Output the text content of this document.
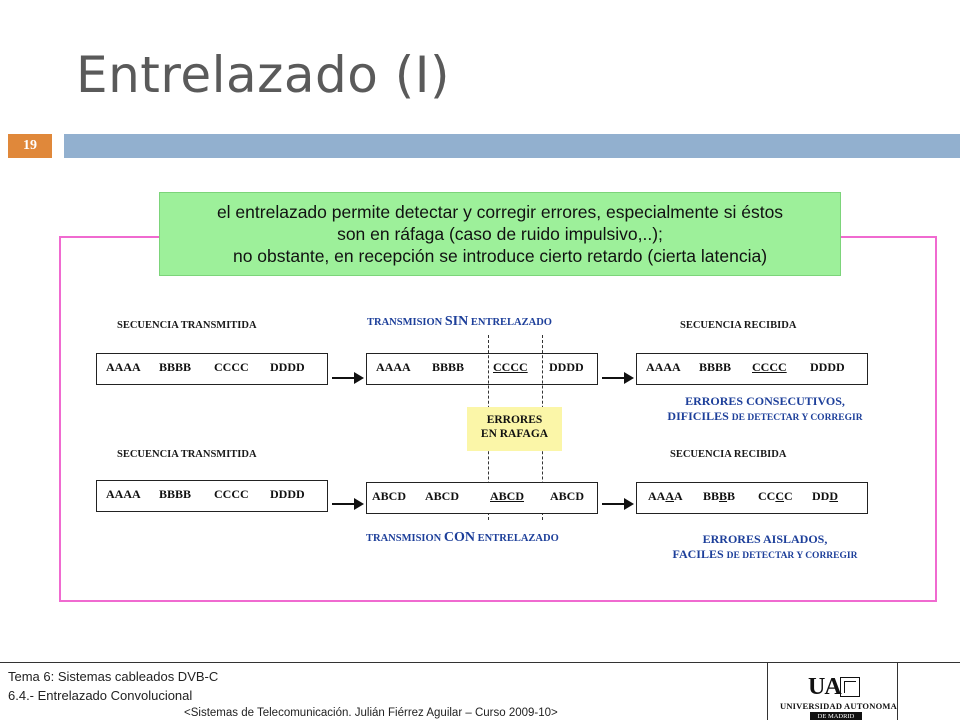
Entrelazado (I)
19
el entrelazado permite detectar y corregir errores, especialmente si éstos
son en ráfaga (caso de ruido impulsivo,..);
no obstante, en recepción se introduce cierto retardo (cierta latencia)
SECUENCIA TRANSMITIDA	TRANSMISION SIN ENTRELAZADO	SECUENCIA RECIBIDA
AAAA BBBB CCCC DDDD	AAAA BBBB CCCC DDDD	AAAA BBBB CCCC DDDD
ERRORES CONSECUTIVOS,
DIFICILES DE DETECTAR Y CORREGIR
ERRORES
EN RAFAGA
SECUENCIA TRANSMITIDA	SECUENCIA RECIBIDA
AAAA BBBB CCCC DDDD	ABCD ABCD	ABCD ABCD
TRANSMISION CON ENTRELAZADO
AAAA BBBB CCCC DDD
ERRORES AISLADOS,
FACILES DE DETECTAR Y CORREGIR
Tema 6: Sistemas cableados DVB-C
6.4.- Entrelazado Convolucional
<Sistemas de Telecomunicación. Julián Fiérrez Aguilar – Curso 2009-10>
UA
UNIVERSIDAD AUTONOMA
DE MADRID
